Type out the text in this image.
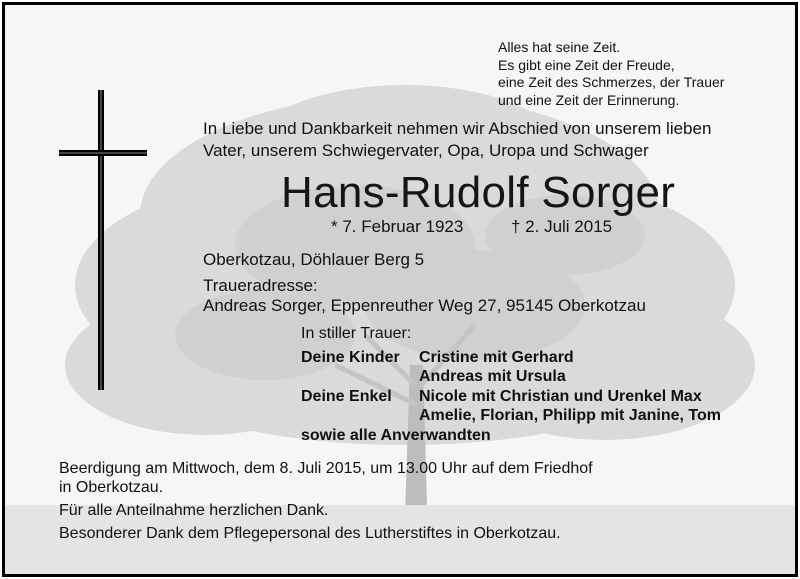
Alles hat seine Zeit.
Es gibt eine Zeit der Freude,
eine Zeit des Schmerzes, der Trauer
und eine Zeit der Erinnerung.
In Liebe und Dankbarkeit nehmen wir Abschied von unserem lieben
Vater, unserem Schwiegervater, Opa, Uropa und Schwager
Hans-Rudolf Sorger
* 7. Februar 1923	† 2. Juli 2015
Oberkotzau, Döhlauer Berg 5
Traueradresse:
Andreas Sorger, Eppenreuther Weg 27, 95145 Oberkotzau
In stiller Trauer:
Deine Kinder Cristine mit Gerhard
Andreas mit Ursula
Deine Enkel Nicole mit Christian und Urenkel Max
Amelie, Florian, Philipp mit Janine, Tom
sowie alle Anverwandten
Beerdigung am Mittwoch, dem 8. Juli 2015, um 13.00 Uhr auf dem Friedhof
in Oberkotzau.
Für alle Anteilnahme herzlichen Dank.
Besonderer Dank dem Pflegepersonal des Lutherstiftes in Oberkotzau.
